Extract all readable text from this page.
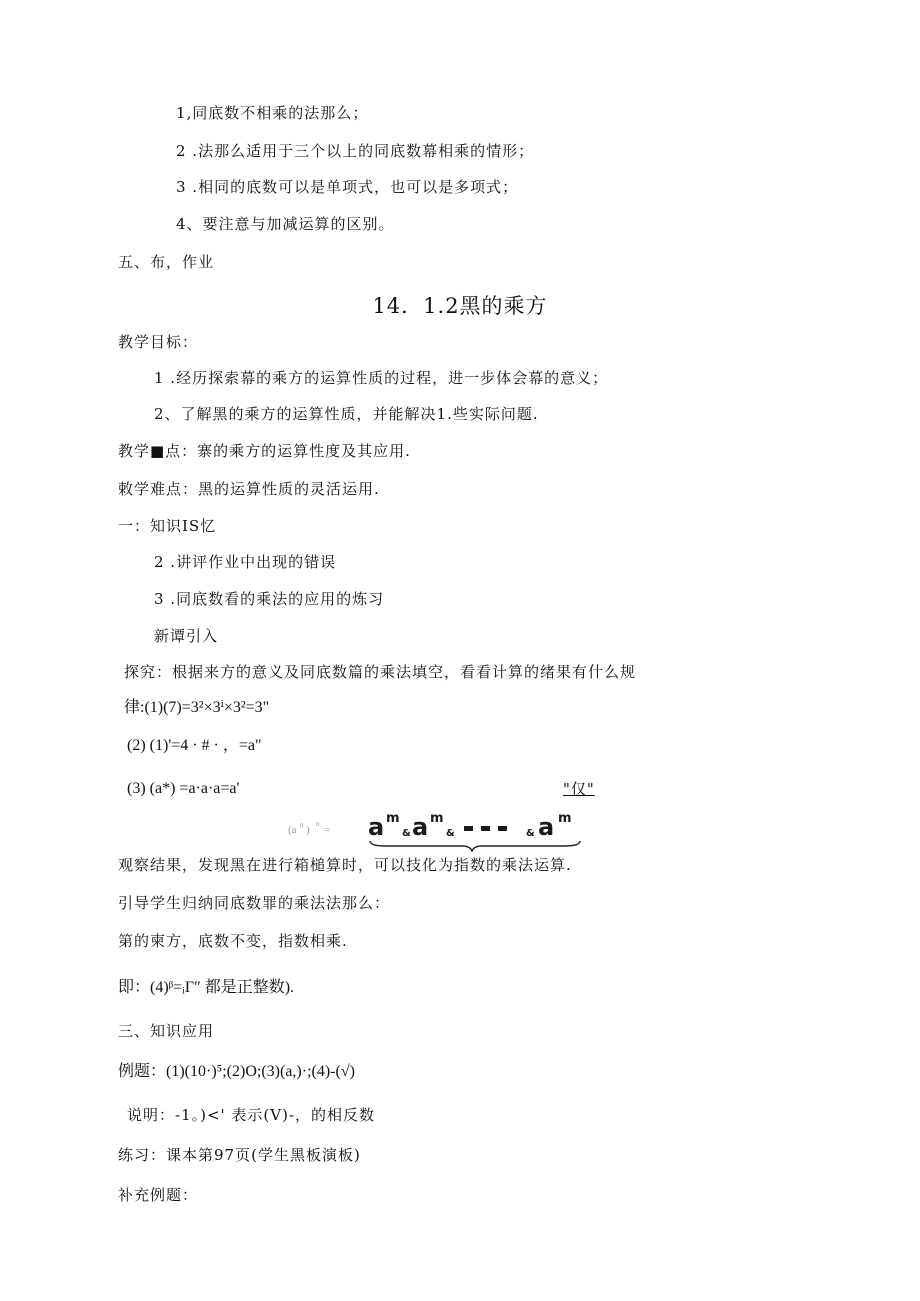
1,同底数不相乘的法那么；
2 .法那么适用于三个以上的同底数幕相乘的情形；
3 .相同的底数可以是单项式，也可以是多项式；
4、要注意与加减运算的区别。
五、布，作业
14．1.2黑的乘方
教学目标：
1 .经历探索幕的乘方的运算性质的过程，进一步体会幕的意义；
2、了解黑的乘方的运算性质，并能解决1.些实际问题.
教学■点：寨的乘方的运算性度及其应用.
敕学难点：黑的运算性质的灵活运用.
一：知识IS忆
2 .讲评作业中出现的错误
3 .同底数看的乘法的应用的炼习
新谭引入
探究：根据来方的意义及同底数篇的乘法填空，看看计算的绪果有什么规
律:(1)(7)=3²×3ⁱ×3²=3"
(2) (1)'=4 · # · ，=a"
(3) (a*) =a·a·a=a'	"仅"
(a n ) n = a m
& a m
&	& a m
观察结果，发现黑在进行箱槌算时，可以技化为指数的乘法运算.
引导学生归纳同底数罪的乘法法那么：
第的柬方，底数不变，指数相乘.
即：(4)ᵝ=ᵢΓ″ 都是正整数).
三、知识应用
例题：(1)(10·)⁵;(2)O;(3)(a,)·;(4)-(√)
说明：-1。)<' 表示(V)-，的相反数
练习：课本第97页(学生黑板演板)
补充例题：
